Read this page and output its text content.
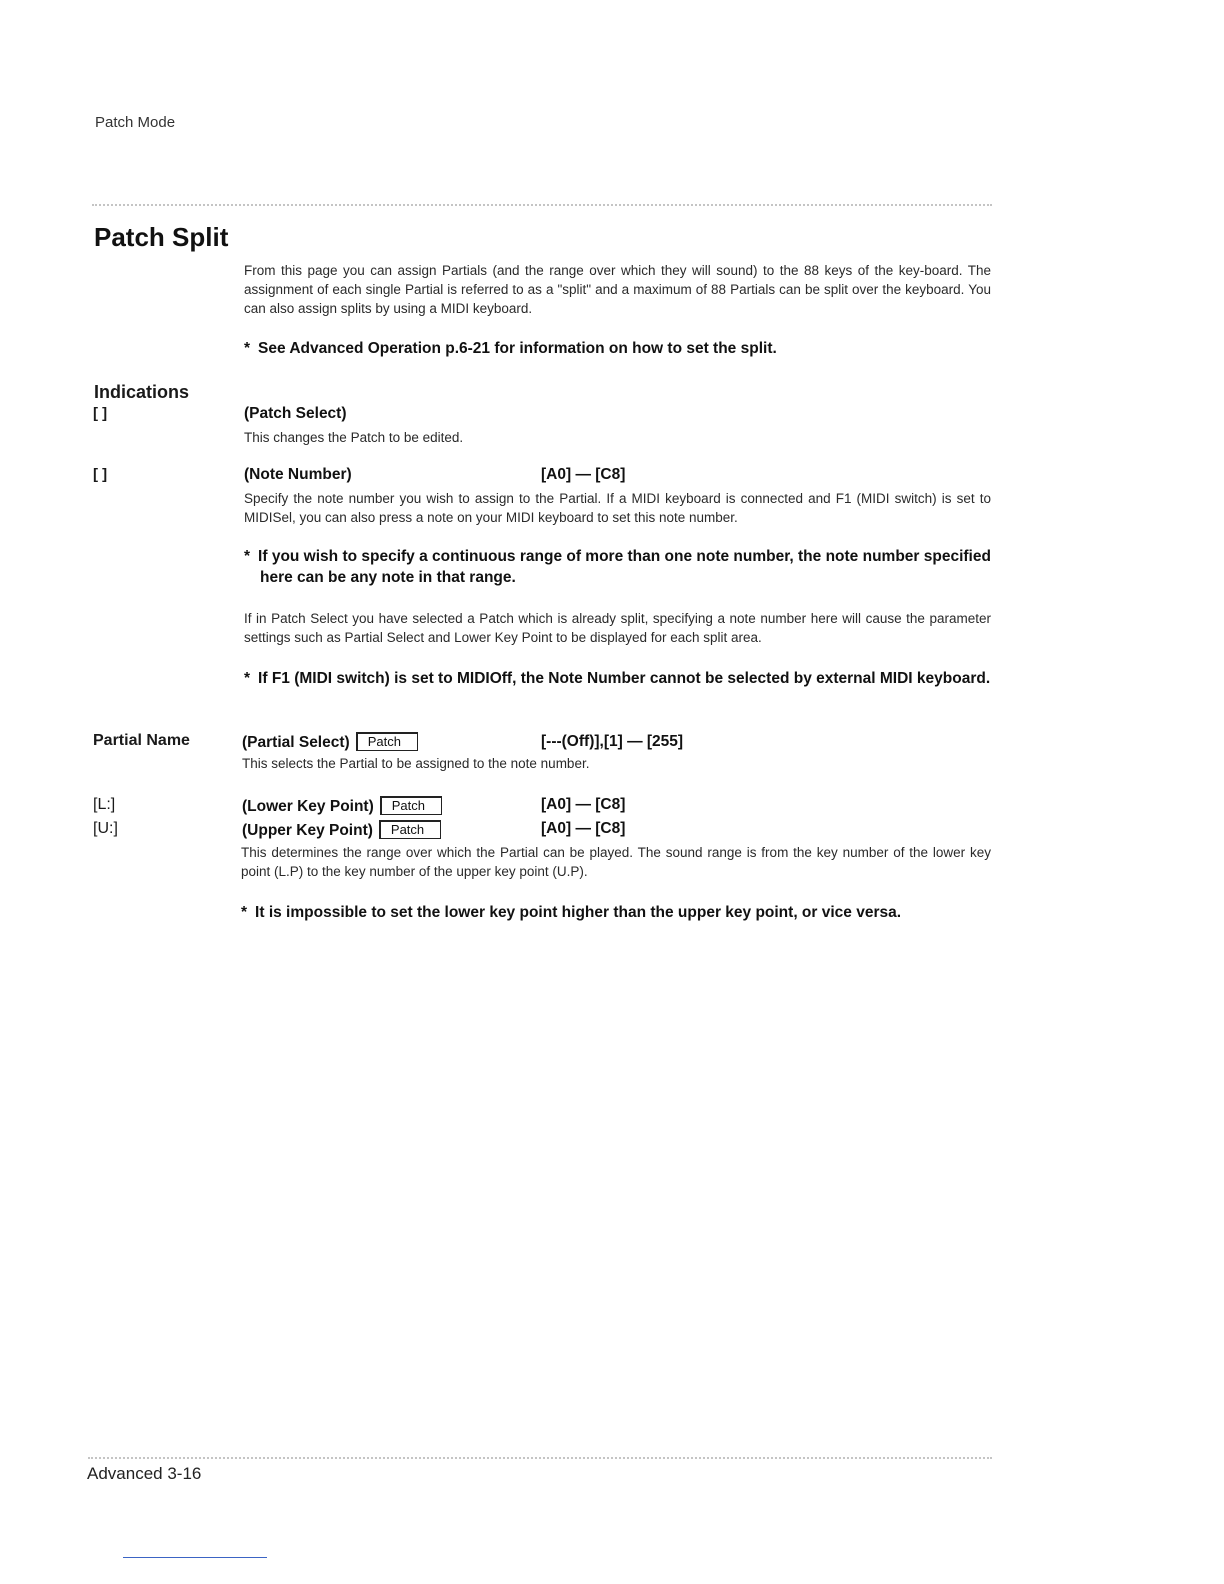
Patch Mode
Patch Split
From this page you can assign Partials (and the range over which they will sound) to the 88 keys of the key-board. The assignment of each single Partial is referred to as a "split" and a maximum of 88 Partials can be split over the keyboard. You can also assign splits by using a MIDI keyboard.
* See Advanced Operation p.6-21 for information on how to set the split.
Indications
[ ]	(Patch Select)
This changes the Patch to be edited.
[ ]	(Note Number)	[A0] — [C8]
Specify the note number you wish to assign to the Partial. If a MIDI keyboard is connected and F1 (MIDI switch) is set to MIDISel, you can also press a note on your MIDI keyboard to set this note number.
* If you wish to specify a continuous range of more than one note number, the note number specified here can be any note in that range.
If in Patch Select you have selected a Patch which is already split, specifying a note number here will cause the parameter settings such as Partial Select and Lower Key Point to be displayed for each split area.
* If F1 (MIDI switch) is set to MIDIOff, the Note Number cannot be selected by external MIDI keyboard.
Partial Name	(Partial Select) Patch	[---(Off)],[1] — [255]
This selects the Partial to be assigned to the note number.
[L:]	(Lower Key Point) Patch	[A0] — [C8]
[U:]	(Upper Key Point) Patch	[A0] — [C8]
This determines the range over which the Partial can be played. The sound range is from the key number of the lower key point (L.P) to the key number of the upper key point (U.P).
* It is impossible to set the lower key point higher than the upper key point, or vice versa.
Advanced 3-16
